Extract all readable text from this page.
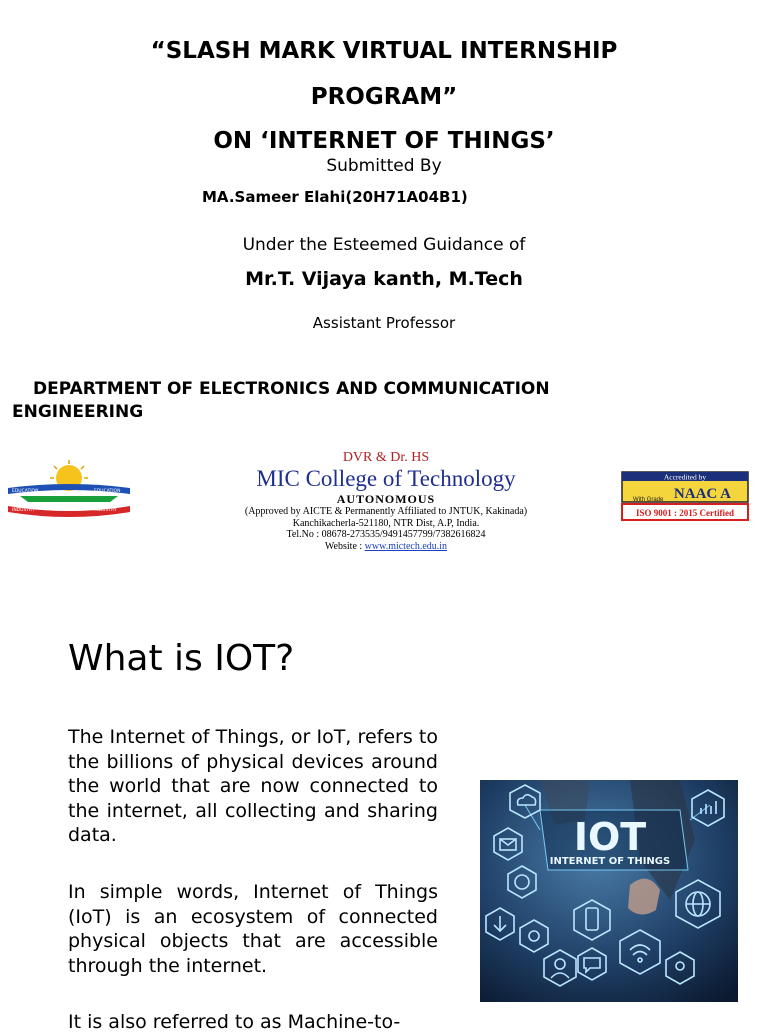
“SLASH MARK VIRTUAL INTERNSHIP
PROGRAM”
ON ‘INTERNET OF THINGS’
Submitted By
MA.Sameer Elahi(20H71A04B1)
Under the Esteemed Guidance of
Mr.T. Vijaya kanth, M.Tech
Assistant Professor
DEPARTMENT OF ELECTRONICS AND COMMUNICATION
ENGINEERING
EDUCATION	EDUCATION
INDUSTRY	INDUSTRY
DVR & Dr. HS
MIC College of Technology
AUTONOMOUS
(Approved by AICTE & Permanently Affiliated to JNTUK, Kakinada)
Kanchikacherla-521180, NTR Dist, A.P, India.
Tel.No : 08678-273535/9491457799/7382616824
Website : www.mictech.edu.in
Accredited by
NAAC A
With Grade
ISO 9001 : 2015 Certified
What is IOT?
The Internet of Things, or IoT, refers to the billions of physical devices around the world that are now connected to the internet, all collecting and sharing data.
In simple words, Internet of Things (IoT) is an ecosystem of connected physical objects that are accessible through the internet.
It is also referred to as Machine-to-
IOT
INTERNET OF THINGS
